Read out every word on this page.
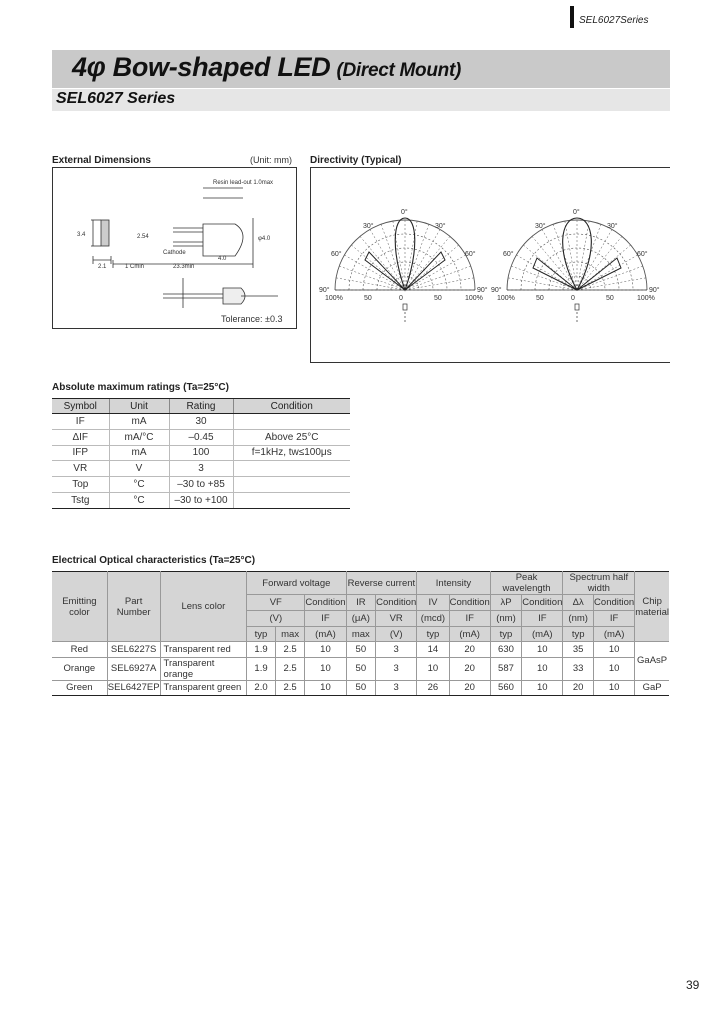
SEL6027Series
4φ Bow-shaped LED (Direct Mount)
SEL6027 Series
External Dimensions	(Unit: mm)
Resin lead-out 1.0max
2.1
3.4
1 Cmin	23.3min
Cathode
4.0
φ4.0
2.54
Tolerance: ±0.3
Directivity (Typical)
0°
30°	30°
60°	60°
90°	90°
100%	50	0	50	100%
0°
30°	30°
60°	60°
90°	90°
100%	50	0	50	100%
Absolute maximum ratings (Ta=25°C)
Symbol	Unit	Rating	Condition
IF	mA	30	
ΔIF	mA/°C	–0.45	Above 25°C
IFP	mA	100	f=1kHz, tw≤100μs
VR	V	3	
Top	°C	–30 to +85	
Tstg	°C	–30 to +100	
Electrical Optical characteristics (Ta=25°C)
Emitting color	Part Number	Lens color	Forward voltage			Reverse current		Intensity		Peak wavelength		Spectrum half width		Chip material
			VF		Condition	IR	Condition	IV	Condition	λP	Condition	Δλ	Condition	
			(V)		IF	(μA)	VR	(mcd)	IF	(nm)	IF	(nm)	IF	
			typ	max	(mA)	max	(V)	typ	(mA)	typ	(mA)	typ	(mA)	
Red	SEL6227S	Transparent red	1.9	2.5	10	50	3	14	20	630	10	35	10	GaAsP
Orange	SEL6927A	Transparent orange	1.9	2.5	10	50	3	10	20	587	10	33	10	
Green	SEL6427EP	Transparent green	2.0	2.5	10	50	3	26	20	560	10	20	10	GaP
39
